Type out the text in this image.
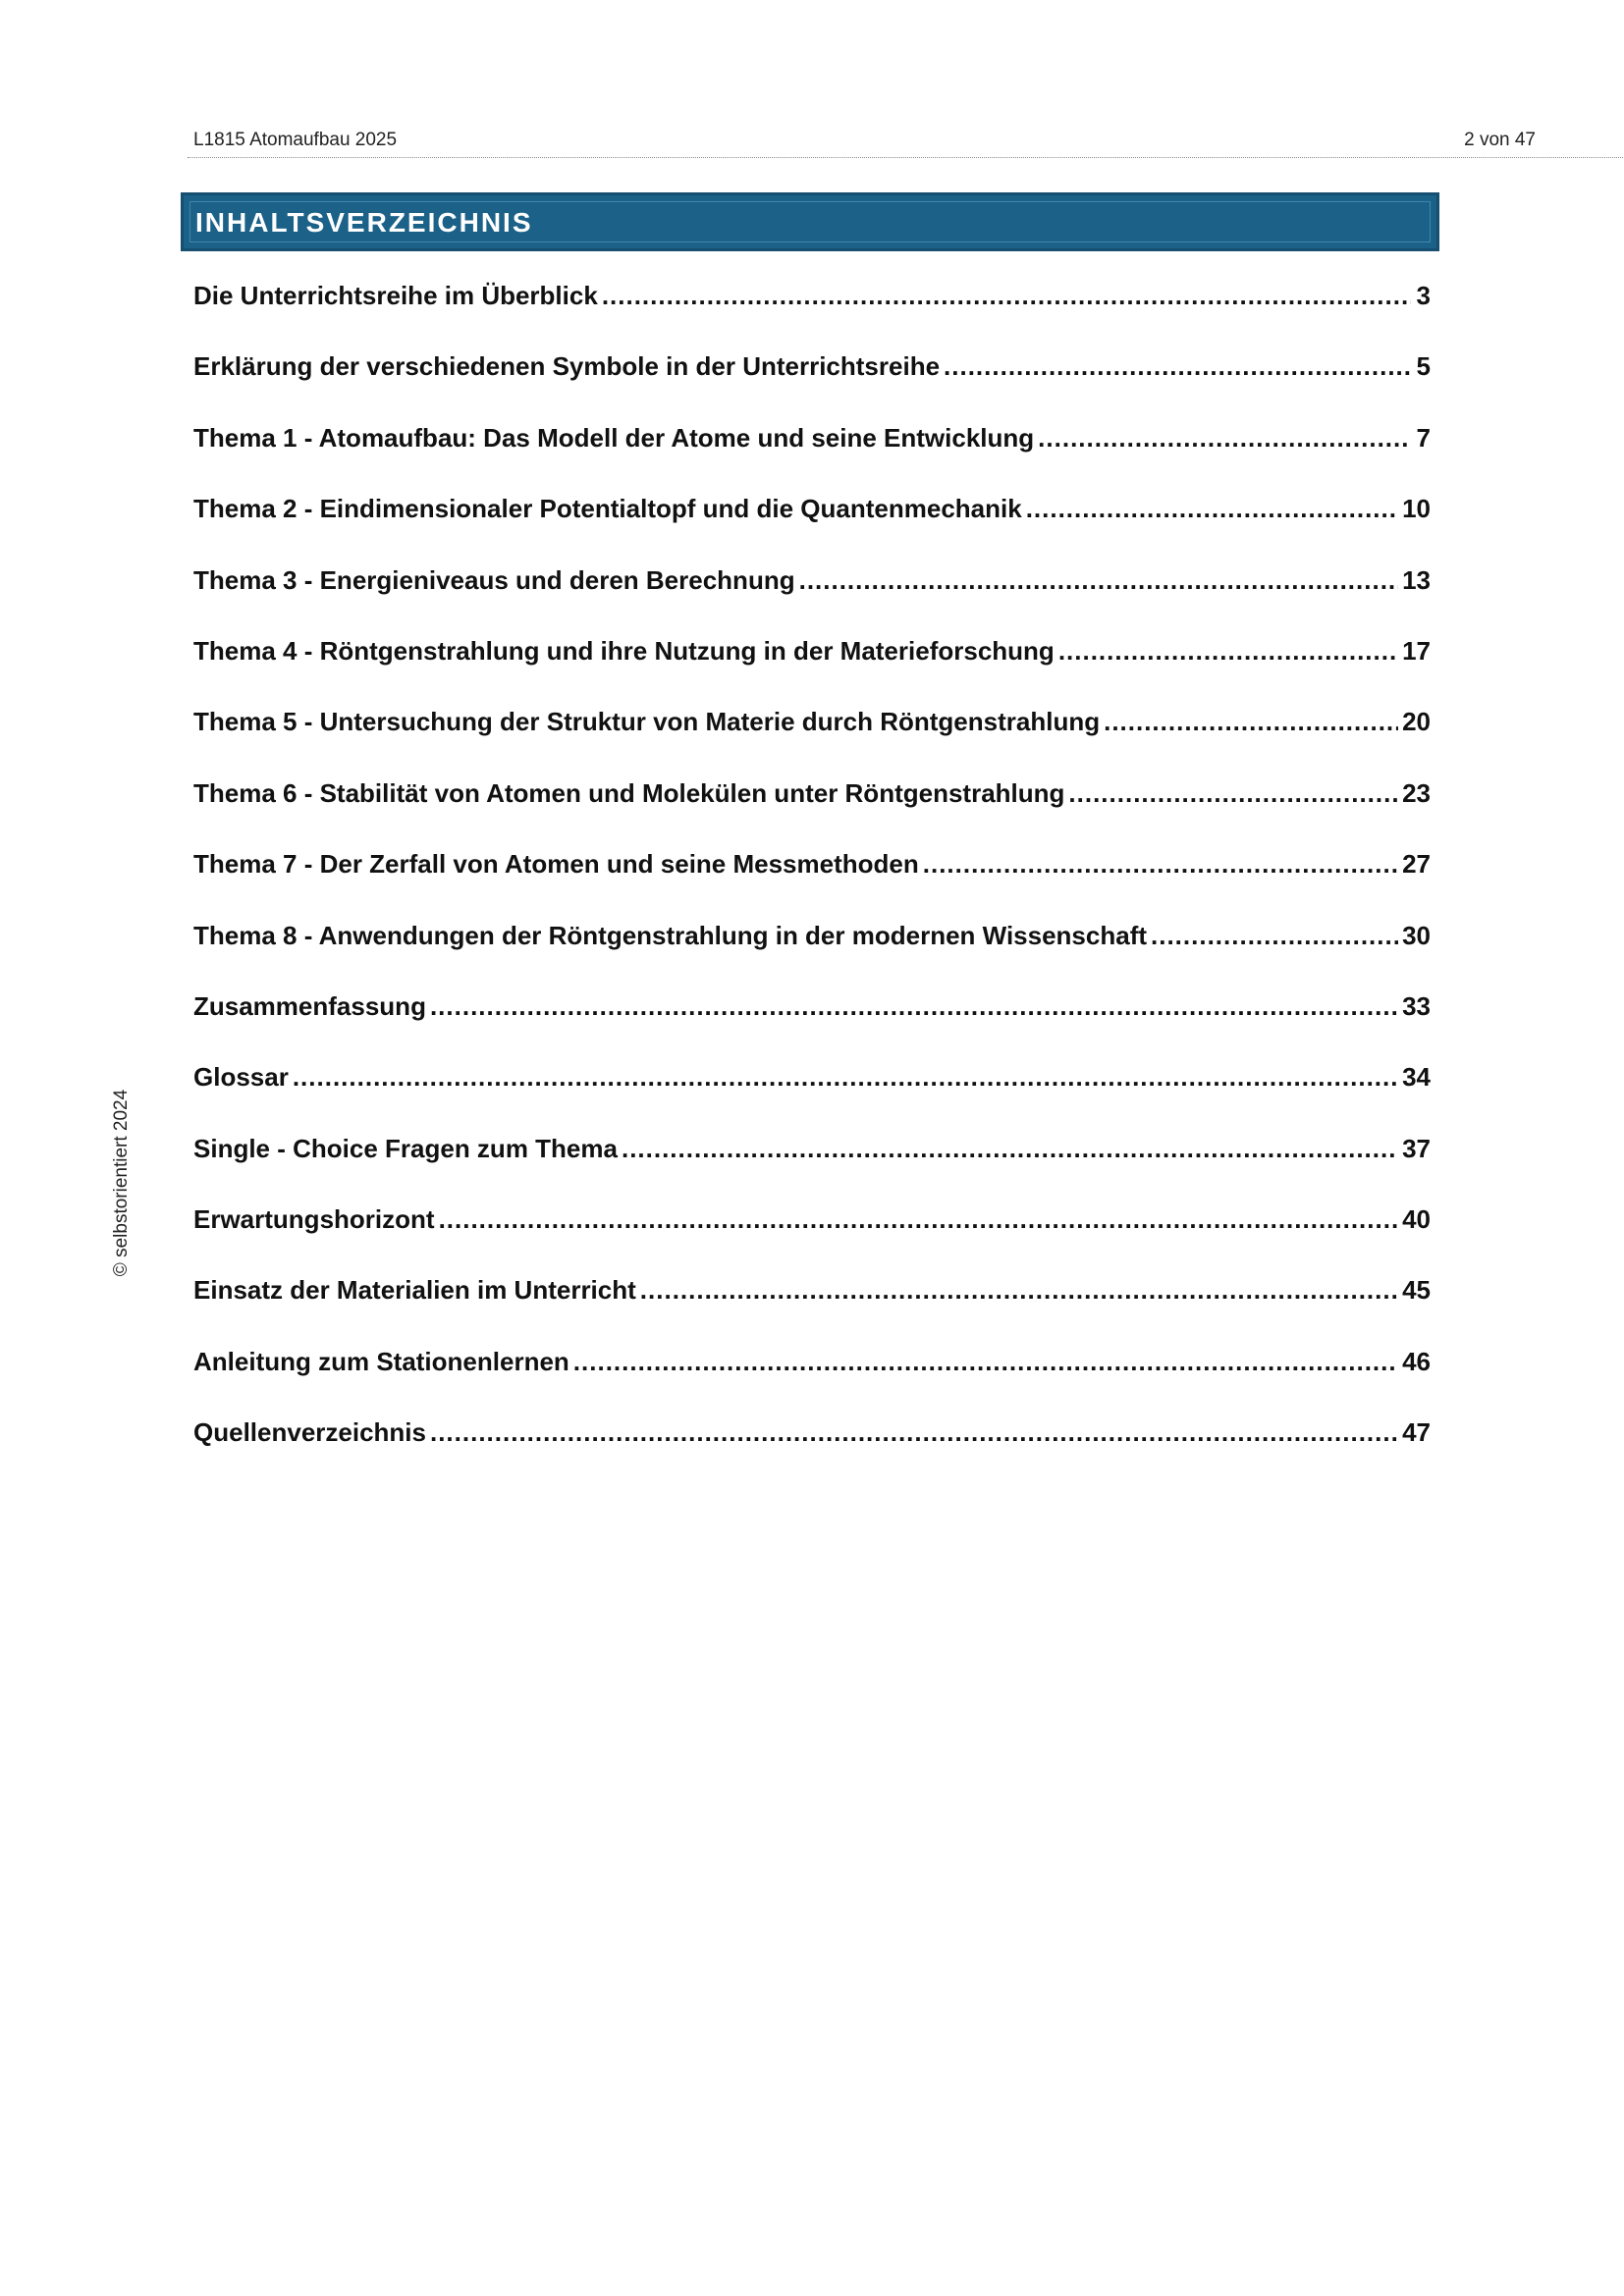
L1815 Atomaufbau 2025	2 von 47
INHALTSVERZEICHNIS
Die Unterrichtsreihe im Überblick .....	3
Erklärung der verschiedenen Symbole in der Unterrichtsreihe .....	5
Thema 1 - Atomaufbau: Das Modell der Atome und seine Entwicklung .....	7
Thema 2 - Eindimensionaler Potentialtopf und die Quantenmechanik .....	10
Thema 3 - Energieniveaus und deren Berechnung .....	13
Thema 4 - Röntgenstrahlung und ihre Nutzung in der Materieforschung .....	17
Thema 5 - Untersuchung der Struktur von Materie durch Röntgenstrahlung .....	20
Thema 6 - Stabilität von Atomen und Molekülen unter Röntgenstrahlung .....	23
Thema 7 - Der Zerfall von Atomen und seine Messmethoden .....	27
Thema 8 - Anwendungen der Röntgenstrahlung in der modernen Wissenschaft .....	30
Zusammenfassung .....	33
Glossar .....	34
Single - Choice Fragen zum Thema .....	37
Erwartungshorizont .....	40
Einsatz der Materialien im Unterricht .....	45
Anleitung zum Stationenlernen .....	46
Quellenverzeichnis .....	47
© selbstorientiert 2024
